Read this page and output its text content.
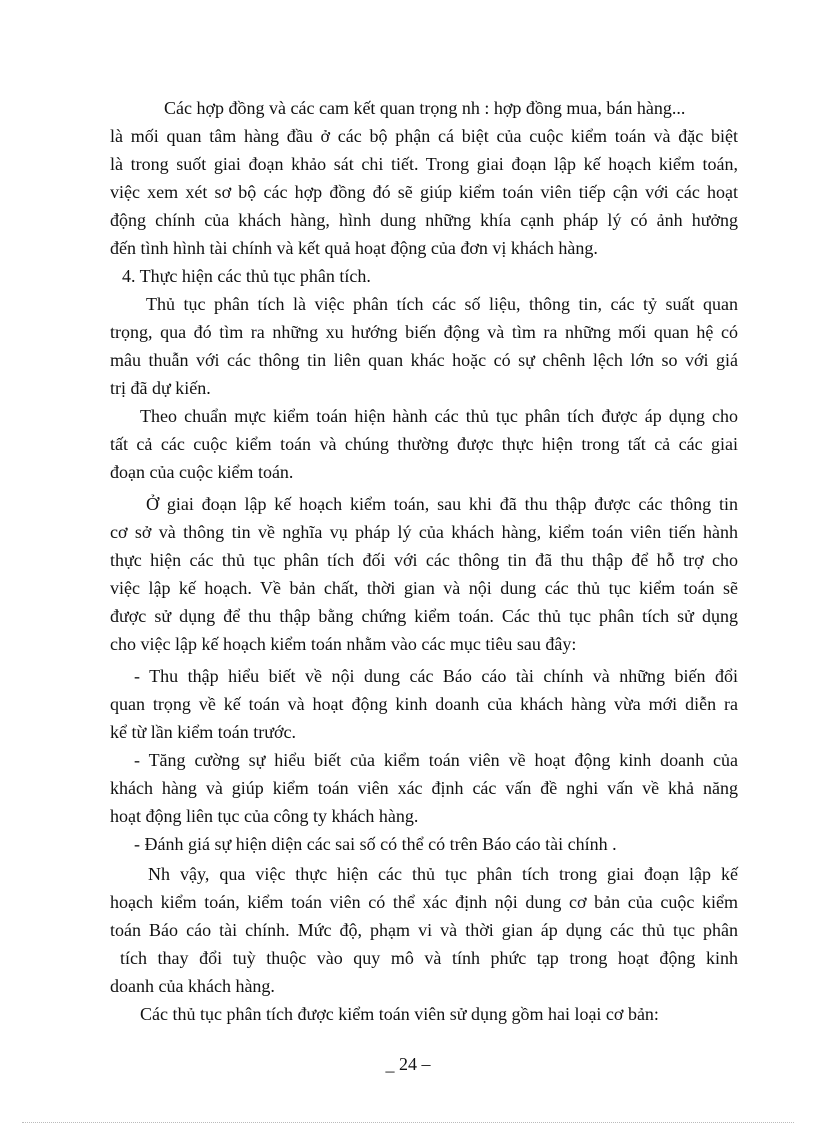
Các hợp đồng và các cam kết quan trọng nh : hợp đồng mua, bán hàng...
là mối quan tâm hàng đầu ở các bộ phận cá biệt của cuộc kiểm toán và đặc biệt
là trong suốt giai đoạn khảo sát chi tiết. Trong giai đoạn lập kế hoạch kiểm toán,
việc xem xét sơ bộ các hợp đồng đó sẽ giúp kiểm toán viên tiếp cận với các hoạt
động chính của khách hàng, hình dung những khía cạnh pháp lý có ảnh hưởng
đến tình hình tài chính và kết quả hoạt động của đơn vị khách hàng.
4. Thực hiện các thủ tục phân tích.
Thủ tục phân tích là việc phân tích các số liệu, thông tin, các tỷ suất quan
trọng, qua đó tìm ra những xu hướng biến động và tìm ra những mối quan hệ có
mâu thuẫn với các thông tin liên quan khác hoặc có sự chênh lệch lớn so với giá
trị đã dự kiến.
Theo chuẩn mực kiểm toán hiện hành các thủ tục phân tích được áp dụng cho
tất cả các cuộc kiểm toán và chúng thường được thực hiện trong tất cả các giai
đoạn của cuộc kiểm toán.
Ở giai đoạn lập kế hoạch kiểm toán, sau khi đã thu thập được các thông tin
cơ sở và thông tin về nghĩa vụ pháp lý của khách hàng, kiểm toán viên tiến hành
thực hiện các thủ tục phân tích đối với các thông tin đã thu thập để hỗ trợ cho
việc lập kế hoạch. Về bản chất, thời gian và nội dung các thủ tục kiểm toán sẽ
được sử dụng để thu thập bằng chứng kiểm toán. Các thủ tục phân tích sử dụng
cho việc lập kế hoạch kiểm toán nhằm vào các mục tiêu sau đây:
- Thu thập hiểu biết về nội dung các Báo cáo tài chính và những biến đổi
quan trọng về kế toán và hoạt động kinh doanh của khách hàng vừa mới diễn ra
kể từ lần kiểm toán trước.
- Tăng cường sự hiểu biết của kiểm toán viên về hoạt động kinh doanh của
khách hàng và giúp kiểm toán viên xác định các vấn đề nghi vấn về khả năng
hoạt động liên tục của công ty khách hàng.
- Đánh giá sự hiện diện các sai số có thể có trên Báo cáo tài chính .
Nh vậy, qua việc thực hiện các thủ tục phân tích trong giai đoạn lập kế
hoạch kiểm toán, kiểm toán viên có thể xác định nội dung cơ bản của cuộc kiểm
toán Báo cáo tài chính. Mức độ, phạm vi và thời gian áp dụng các thủ tục phân
tích thay đổi tuỳ thuộc vào quy mô và tính phức tạp trong hoạt động kinh
doanh của khách hàng.
Các thủ tục phân tích được kiểm toán viên sử dụng gồm hai loại cơ bản:
_ 24 –
